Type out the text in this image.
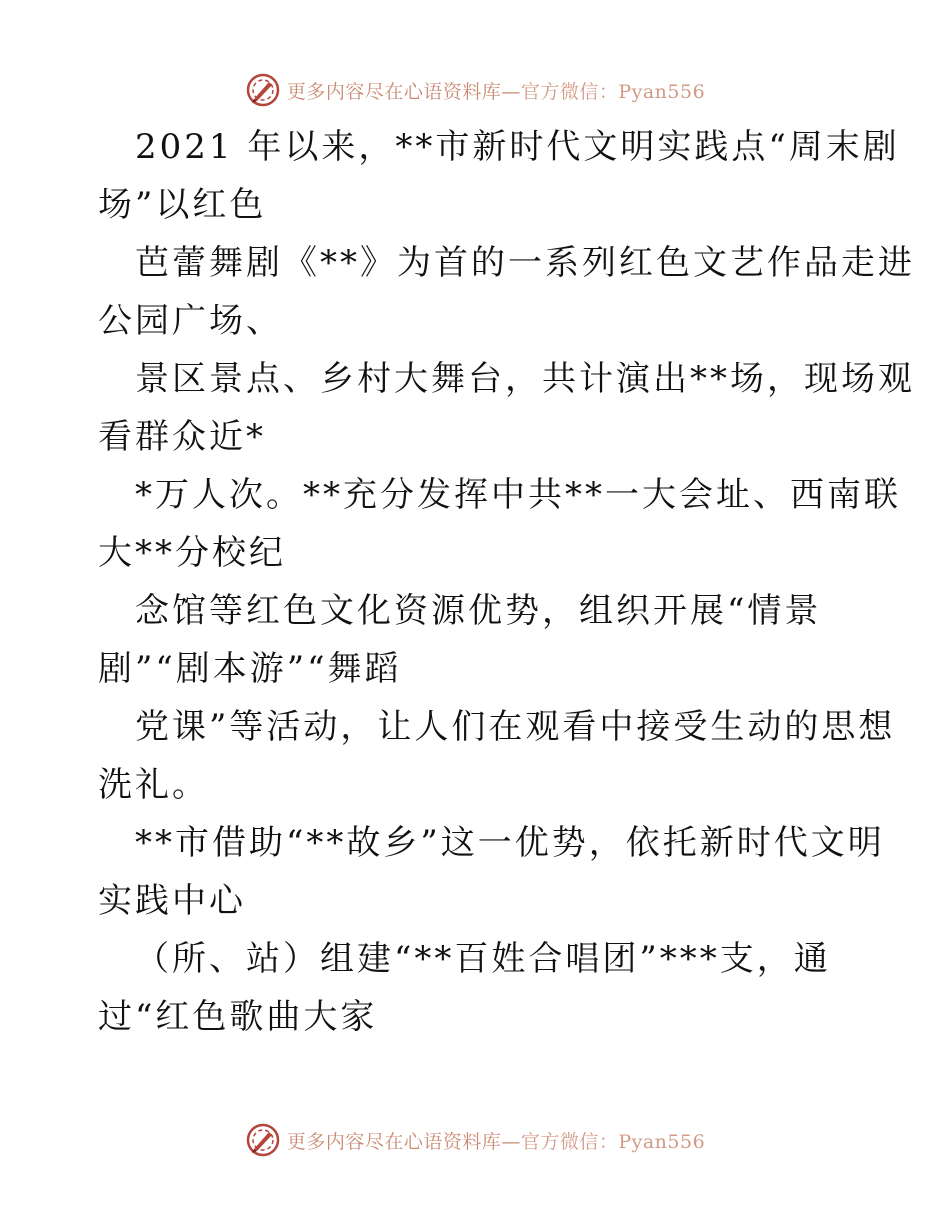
更多内容尽在心语资料库—官方微信：Pyan556
2021 年以来，**市新时代文明实践点“周末剧
场”以红色
芭蕾舞剧《**》为首的一系列红色文艺作品走进
公园广场、
景区景点、乡村大舞台，共计演出**场，现场观
看群众近*
*万人次。**充分发挥中共**一大会址、西南联
大**分校纪
念馆等红色文化资源优势，组织开展“情景
剧”“剧本游”“舞蹈
党课”等活动，让人们在观看中接受生动的思想
洗礼。
**市借助“**故乡”这一优势，依托新时代文明
实践中心
（所、站）组建“**百姓合唱团”***支，通
过“红色歌曲大家
更多内容尽在心语资料库—官方微信：Pyan556
